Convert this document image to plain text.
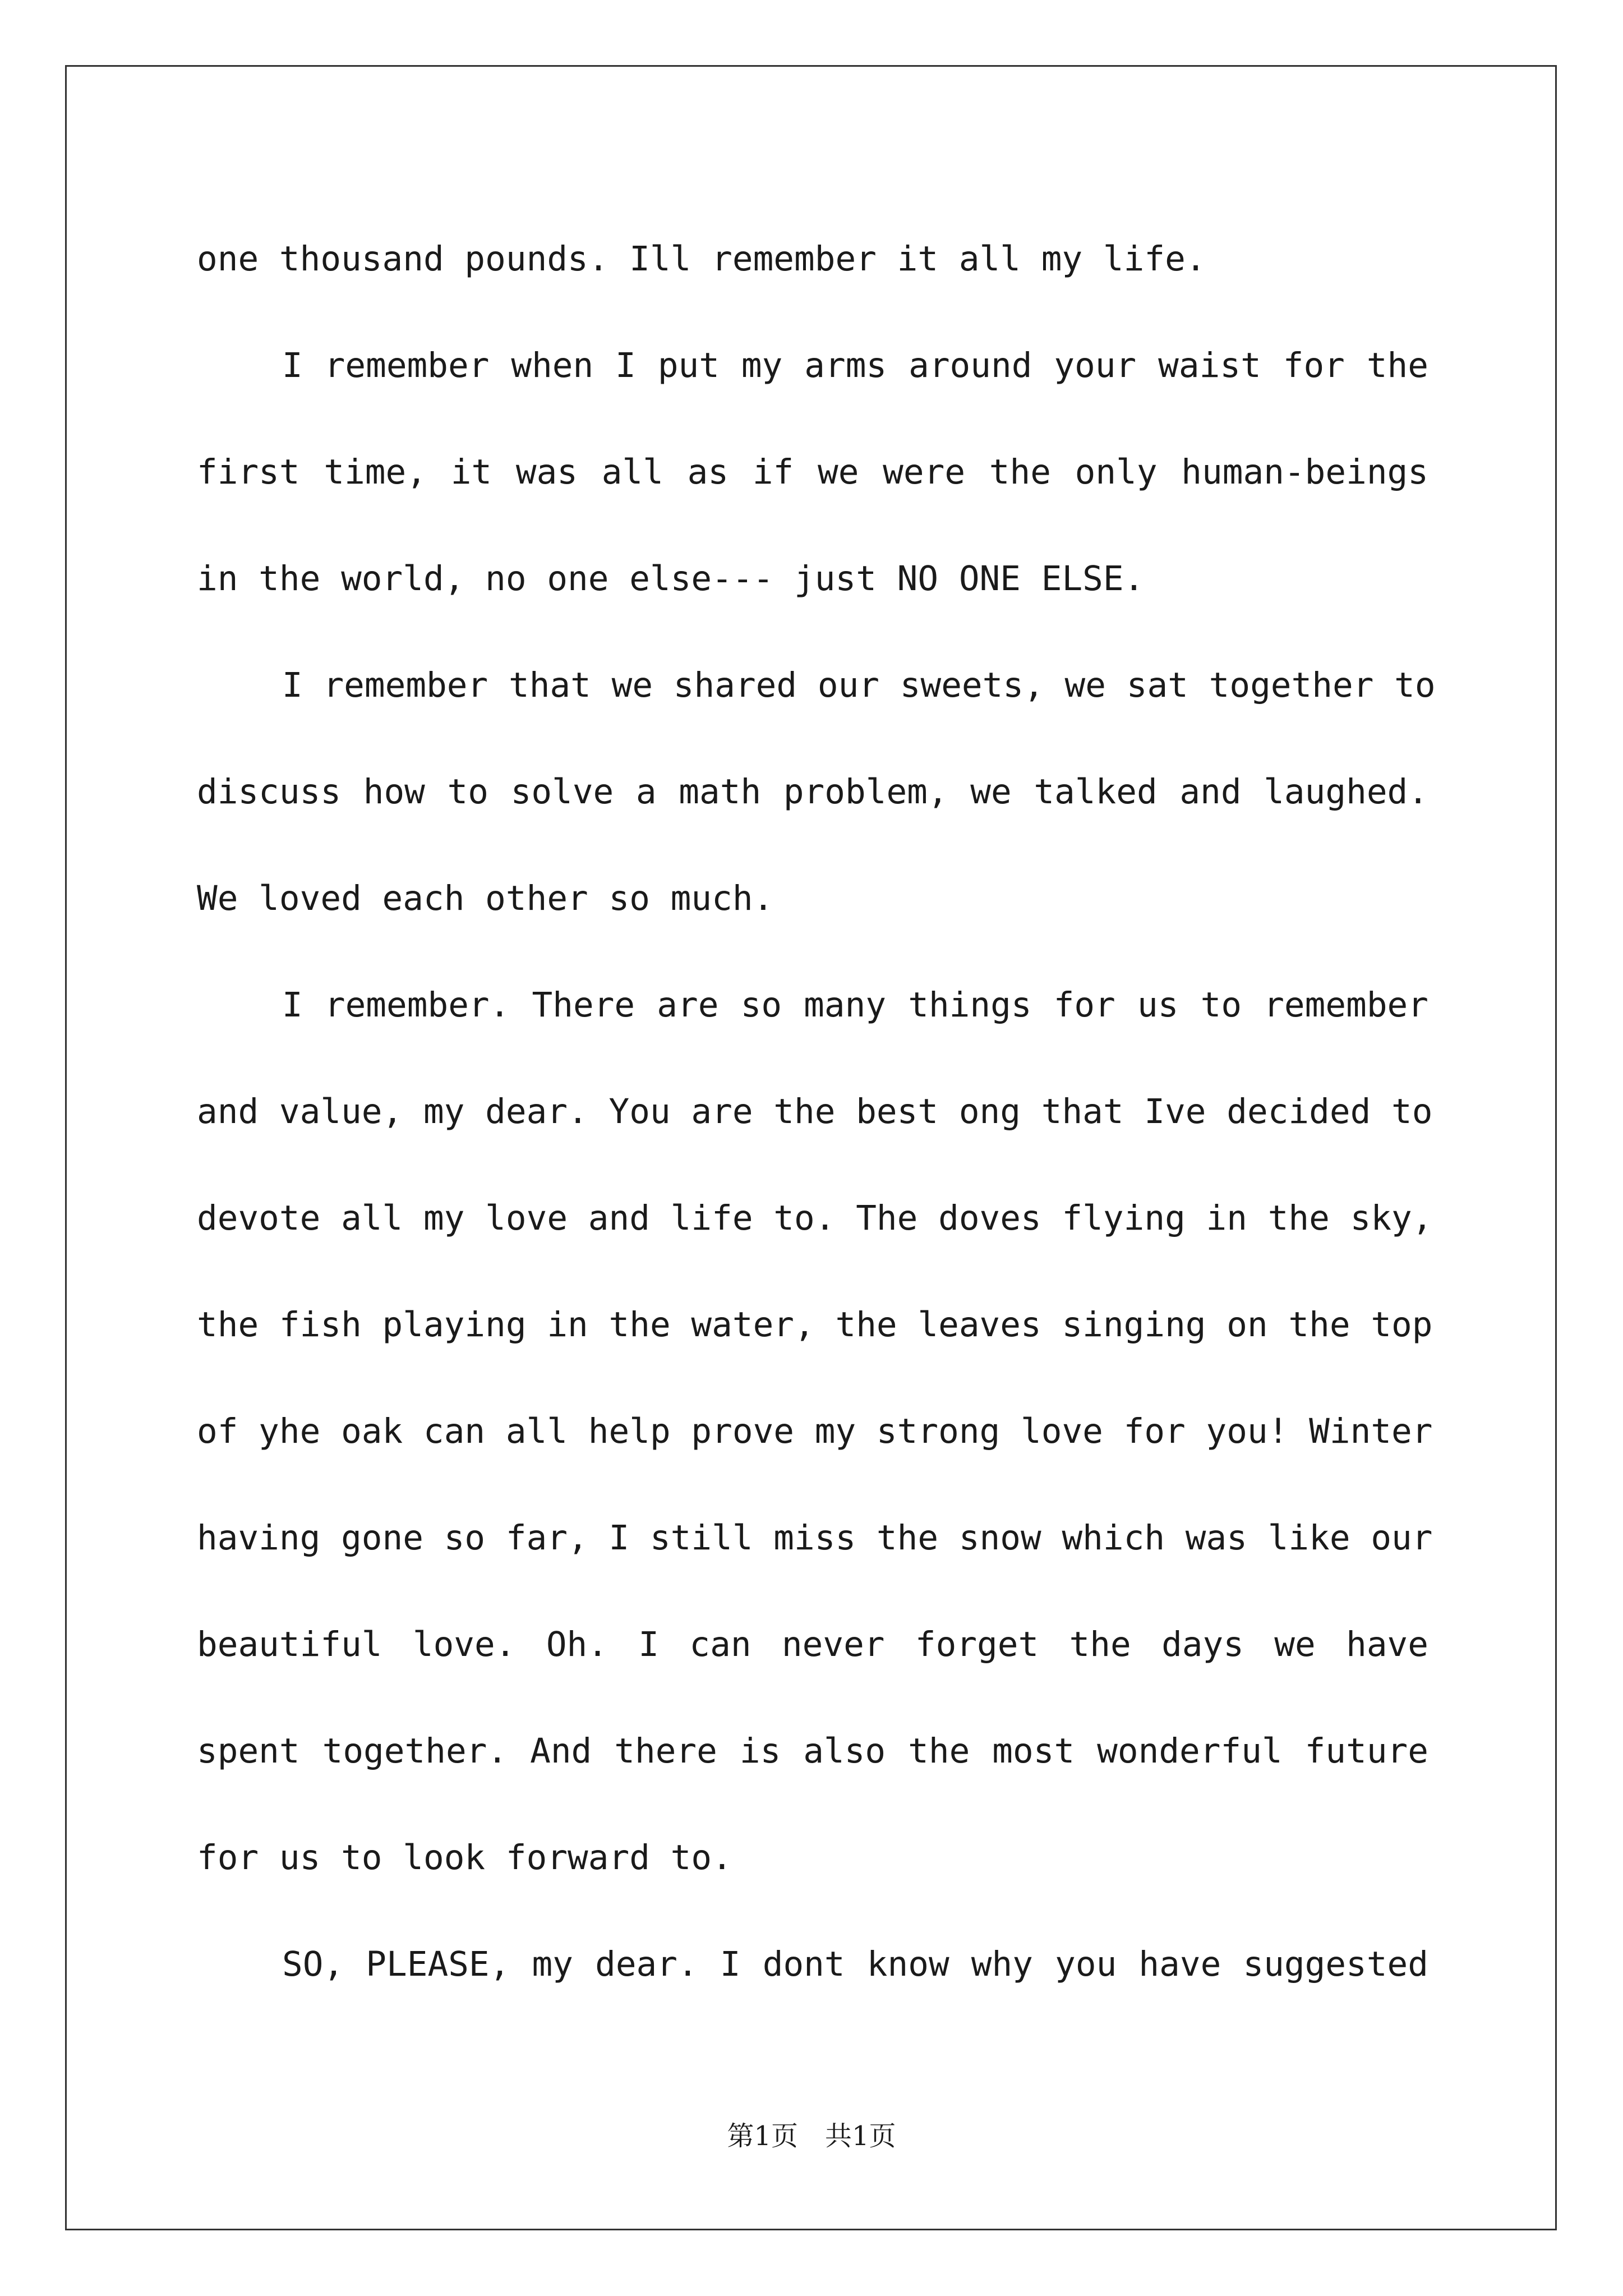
one thousand pounds. Ill remember it all my life.
I remember when I put my arms around your waist for the
first time, it was all as if we were the only human-beings
in the world, no one else--- just NO ONE ELSE.
I remember that we shared our sweets, we sat together to
discuss how to solve a math problem, we talked and laughed.
We loved each other so much.
I remember. There are so many things for us to remember
and value, my dear. You are the best ong that Ive decided to
devote all my love and life to. The doves flying in the sky,
the fish playing in the water, the leaves singing on the top
of yhe oak can all help prove my strong love for you! Winter
having gone so far, I still miss the snow which was like our
beautiful love. Oh. I can never forget the days we have
spent together. And there is also the most wonderful future
for us to look forward to.
SO, PLEASE, my dear. I dont know why you have suggested
第1页　共1页
